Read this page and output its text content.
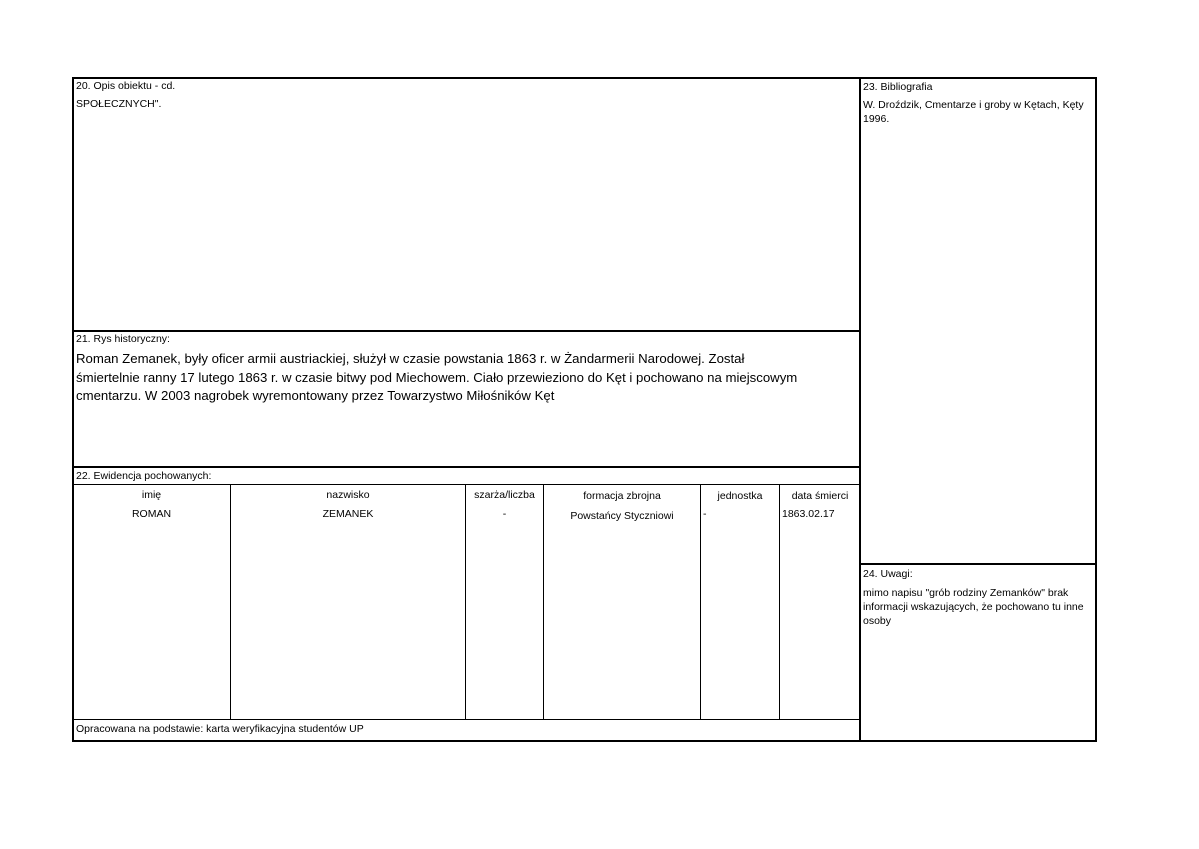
20. Opis obiektu - cd.
SPOŁECZNYCH".
21. Rys historyczny:
Roman Zemanek, były oficer armii austriackiej, służył w czasie powstania 1863 r. w Żandarmerii Narodowej. Został
śmiertelnie ranny 17 lutego 1863 r. w czasie bitwy pod Miechowem. Ciało przewieziono do Kęt i pochowano na miejscowym
cmentarzu. W 2003 nagrobek wyremontowany przez Towarzystwo Miłośników Kęt
22. Ewidencja pochowanych:
imię	nazwisko	szarża/liczba	formacja zbrojna	jednostka	data śmierci
ROMAN	ZEMANEK	-	Powstańcy Styczniowi	-	1863.02.17
Opracowana na podstawie: karta weryfikacyjna studentów UP
23. Bibliografia
W. Droździk, Cmentarze i groby w Kętach, Kęty 1996.
24. Uwagi:
mimo napisu "grób rodziny Zemanków" brak informacji wskazujących, że pochowano tu inne osoby
